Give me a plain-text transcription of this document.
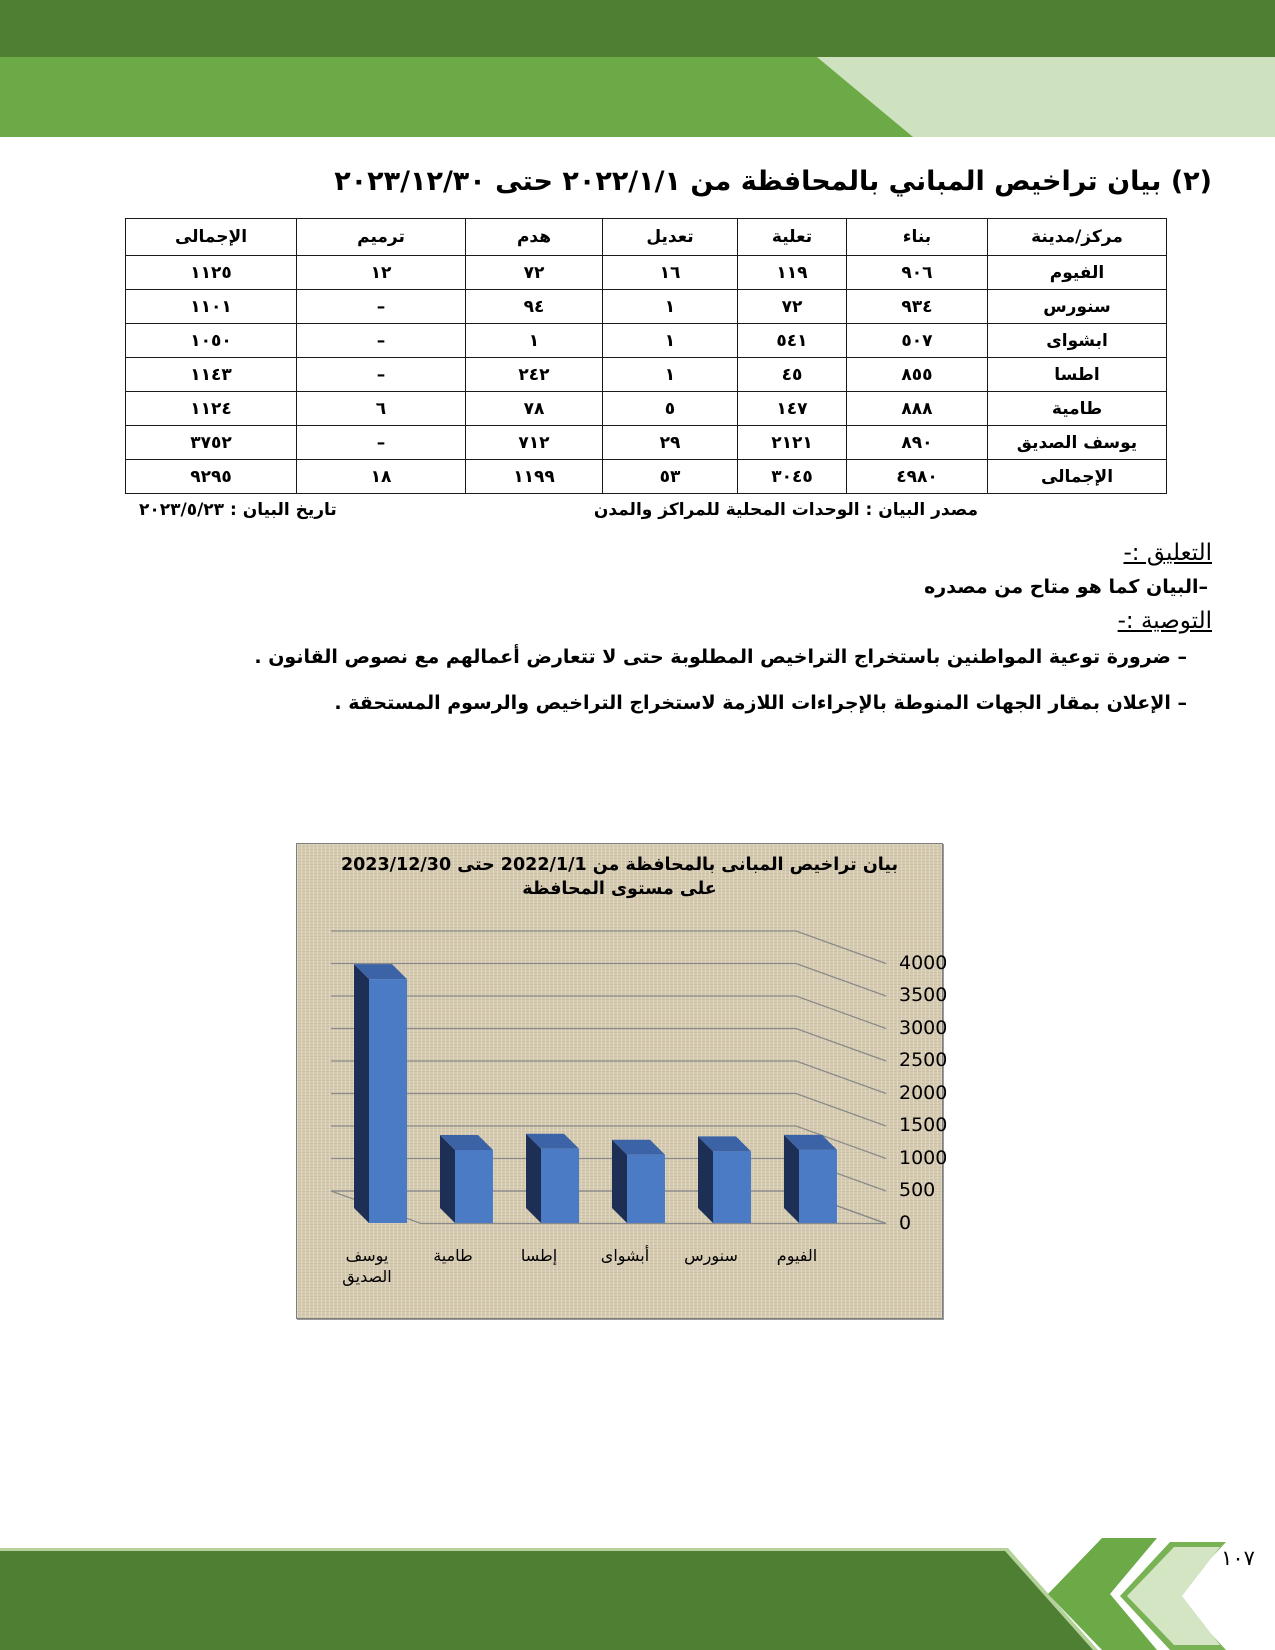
(٢) بيان تراخيص المباني بالمحافظة من ٢٠٢٢/١/١ حتى ٢٠٢٣/١٢/٣٠
مركز/مدينة	بناء	تعلية	تعديل	هدم	ترميم	الإجمالى
الفيوم	٩٠٦	١١٩	١٦	٧٢	١٢	١١٢٥
سنورس	٩٣٤	٧٢	١	٩٤	–	١١٠١
ابشواى	٥٠٧	٥٤١	١	١	–	١٠٥٠
اطسا	٨٥٥	٤٥	١	٢٤٢	–	١١٤٣
طامية	٨٨٨	١٤٧	٥	٧٨	٦	١١٢٤
يوسف الصديق	٨٩٠	٢١٢١	٢٩	٧١٢	–	٣٧٥٢
الإجمالى	٤٩٨٠	٣٠٤٥	٥٣	١١٩٩	١٨	٩٢٩٥
مصدر البيان : الوحدات المحلية للمراكز والمدن
تاريخ البيان : ٢٠٢٣/٥/٢٣
التعليق :-
–البيان كما هو متاح من مصدره
التوصية :-
– ضرورة توعية المواطنين باستخراج التراخيص المطلوبة حتى لا تتعارض أعمالهم مع نصوص القانون .
– الإعلان بمقار الجهات المنوطة بالإجراءات اللازمة لاستخراج التراخيص والرسوم المستحقة .
بيان تراخيص المبانى بالمحافظة من 2022/1/1 حتى 2023/12/30
على مستوى المحافظة
4000
3500
3000
2500
2000
1500
1000
500
0
يوسف الصديق
طامية	إطسا	أبشواى	سنورس	الفيوم
١٠٧
